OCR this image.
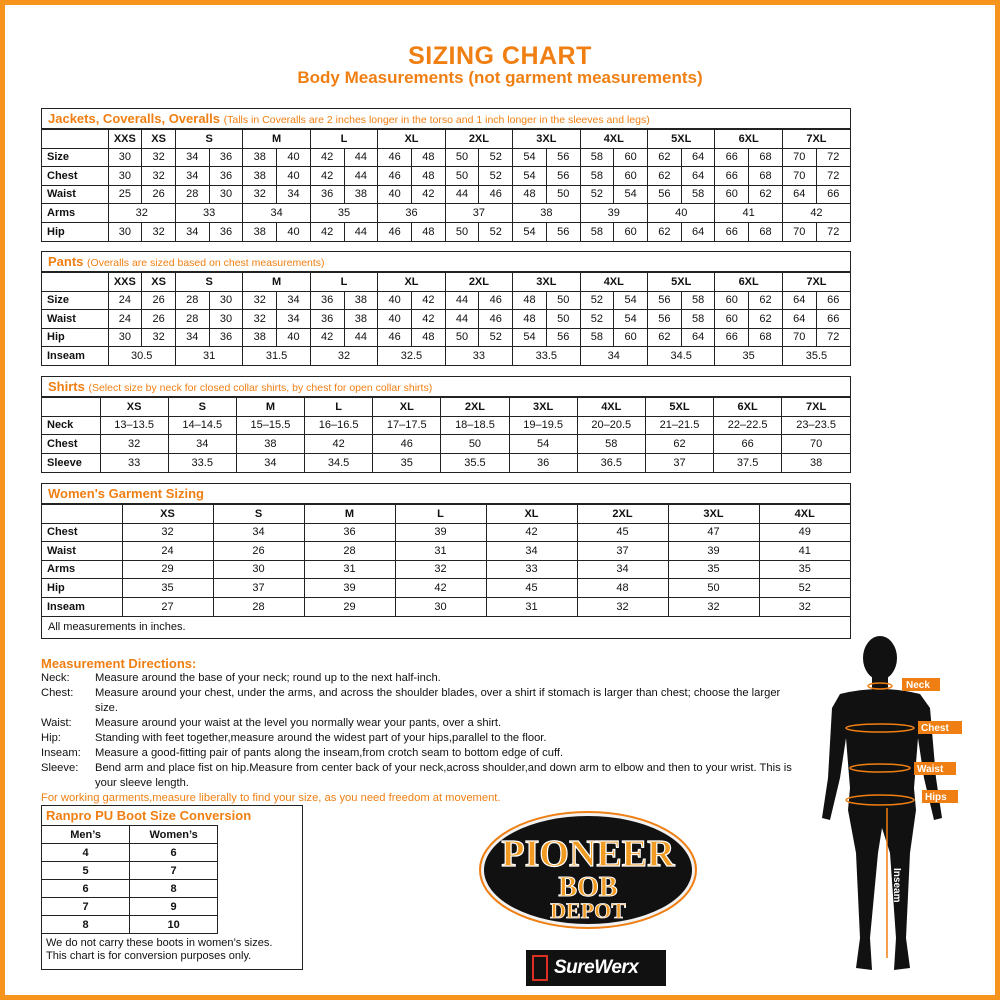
SIZING CHART
Body Measurements (not garment measurements)
Jackets, Coveralls, Overalls (Talls in Coveralls are 2 inches longer in the torso and 1 inch longer in the sleeves and legs)
	XXS	XS	S		M		L		XL		2XL		3XL		4XL		5XL		6XL		7XL	
Size	30	32	34	36	38	40	42	44	46	48	50	52	54	56	58	60	62	64	66	68	70	72
Chest	30	32	34	36	38	40	42	44	46	48	50	52	54	56	58	60	62	64	66	68	70	72
Waist	25	26	28	30	32	34	36	38	40	42	44	46	48	50	52	54	56	58	60	62	64	66
Arms	32		33		34		35		36		37		38		39		40		41		42	
Hip	30	32	34	36	38	40	42	44	46	48	50	52	54	56	58	60	62	64	66	68	70	72
Pants (Overalls are sized based on chest measurements)
	XXS	XS	S		M		L		XL		2XL		3XL		4XL		5XL		6XL		7XL	
Size	24	26	28	30	32	34	36	38	40	42	44	46	48	50	52	54	56	58	60	62	64	66
Waist	24	26	28	30	32	34	36	38	40	42	44	46	48	50	52	54	56	58	60	62	64	66
Hip	30	32	34	36	38	40	42	44	46	48	50	52	54	56	58	60	62	64	66	68	70	72
Inseam	30.5		31		31.5		32		32.5		33		33.5		34		34.5		35		35.5	
Shirts (Select size by neck for closed collar shirts, by chest for open collar shirts)
	XS	S	M	L	XL	2XL	3XL	4XL	5XL	6XL	7XL
Neck	13–13.5	14–14.5	15–15.5	16–16.5	17–17.5	18–18.5	19–19.5	20–20.5	21–21.5	22–22.5	23–23.5
Chest	32	34	38	42	46	50	54	58	62	66	70
Sleeve	33	33.5	34	34.5	35	35.5	36	36.5	37	37.5	38
Women's Garment Sizing
	XS	S	M	L	XL	2XL	3XL	4XL
Chest	32	34	36	39	42	45	47	49
Waist	24	26	28	31	34	37	39	41
Arms	29	30	31	32	33	34	35	35
Hip	35	37	39	42	45	48	50	52
Inseam	27	28	29	30	31	32	32	32
All measurements in inches.
Measurement Directions:
Neck:	Measure around the base of your neck; round up to the next half-inch.
Chest:	Measure around your chest, under the arms, and across the shoulder blades, over a shirt if stomach is larger than chest; choose the larger size.
Waist:	Measure around your waist at the level you normally wear your pants, over a shirt.
Hip:	Standing with feet together,measure around the widest part of your hips,parallel to the floor.
Inseam:	Measure a good-fitting pair of pants along the inseam,from crotch seam to bottom edge of cuff.
Sleeve:	Bend arm and place fist on hip.Measure from center back of your neck,across shoulder,and down arm to elbow and then to your wrist. This is your sleeve length.
For working garments,measure liberally to find your size, as you need freedom at movement.
Ranpro PU Boot Size Conversion
Men’s	Women’s
4	6
5	7
6	8
7	9
8	10
We do not carry these boots in women’s sizes.
This chart is for conversion purposes only.
PIONEER
BOB
DEPOT
SureWerx
Neck
Chest
Waist
Hips
Inseam
